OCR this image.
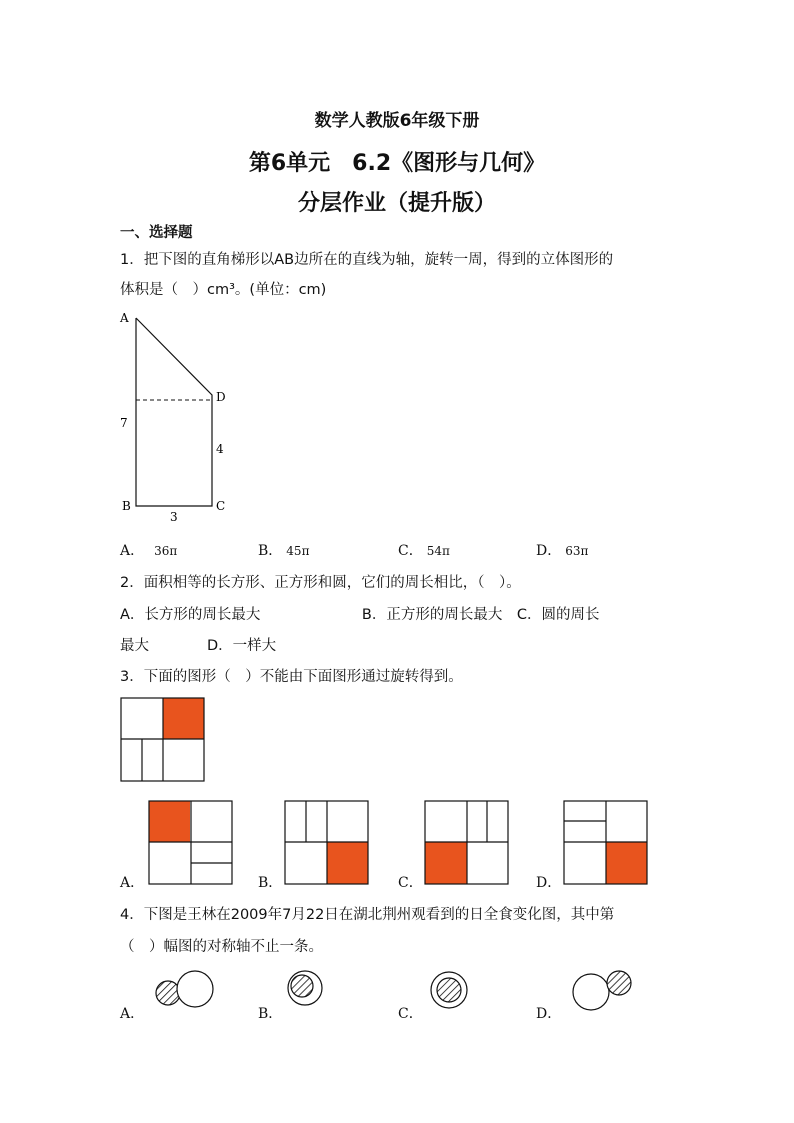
数学人教版6年级下册
第6单元　6.2《图形与几何》
分层作业（提升版）
一、选择题
1．把下图的直角梯形以AB边所在的直线为轴，旋转一周，得到的立体图形的
体积是（　）cm³。(单位：cm)
A
D
7
4
B	C
3
A． 36π	B． 45π	C． 54π	D． 63π
2．面积相等的长方形、正方形和圆，它们的周长相比，（　）。
A．长方形的周长最大　　　　　　　B．正方形的周长最大　C．圆的周长
最大　　　　D．一样大
3．下面的图形（　）不能由下面图形通过旋转得到。
A．	B．	C．	D．
4．下图是王林在2009年7月22日在湖北荆州观看到的日全食变化图，其中第
（　）幅图的对称轴不止一条。
A．	B．	C．	D．
